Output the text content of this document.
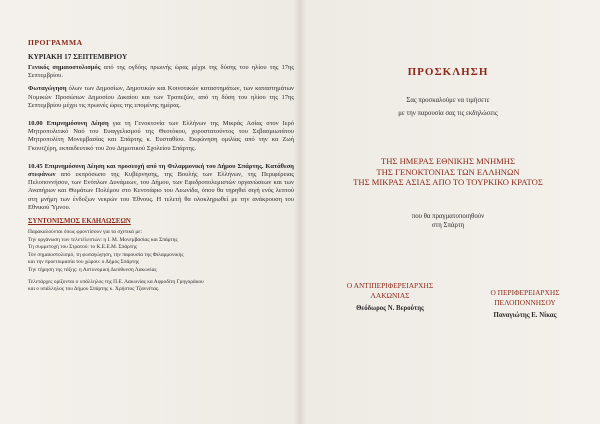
ΠΡΟΓΡΑΜΜΑ
ΚΥΡΙΑΚΗ 17 ΣΕΠΤΕΜΒΡΙΟΥ

Γενικός σημαιοστολισμός από της ογδόης πρωινής ώρας μέχρι της δύσης του ηλίου της 17ης Σεπτεμβρίου.

Φωταγώγηση όλων των Δημοσίων, Δημοτικών και Κοινοτικών καταστημάτων, των καταστημάτων Νομικών Προσώπων Δημοσίου Δικαίου και των Τραπεζών, από τη δύση του ηλίου της 17ης Σεπτεμβρίου μέχρι τις πρωινές ώρες της επομένης ημέρας.

10.00 Επιμνημόσυνη Δέηση για τη Γενοκτονία των Ελλήνων της Μικράς Ασίας στον Ιερό Μητροπολιτικό Ναό του Ευαγγελισμού της Θεοτόκου, χοροστατούντος του Σεβασμιωτάτου Μητροπολίτη Μονεμβασίας και Σπάρτης κ. Ευσταθίου. Εκφώνηση ομιλίας από την κα Ζωή Γκουτζέρη, εκπαιδευτικό του 2ου Δημοτικού Σχολείου Σπάρτης.

10.45 Επιμνημόσυνη Δέηση και προσευχή από τη Φιλαρμονική του Δήμου Σπάρτης. Κατάθεση στεφάνων από εκπρόσωπο της Κυβέρνησης, της Βουλής των Ελλήνων, της Περιφέρειας Πελοποννήσου, των Ενόπλων Δυνάμεων, του Δήμου, των Εφεδροπολεμιστών οργανώσεων και των Αναπήρων και Θυμάτων Πολέμου στο Κενοτάφιο του Λεωνίδα, όπου θα τηρηθεί σιγή ενός λεπτού στη μνήμη των ένδοξων νεκρών του Έθνους. Η τελετή θα ολοκληρωθεί με την ανάκρουση του Εθνικού Ύμνου.

ΣΥΝΤΟΝΙΣΜΟΣ ΕΚΔΗΛΩΣΕΩΝ

Παρακαλούνται όπως φροντίσουν για τα σχετικά με:

Την οργάνωση των τελετέλεστών: η Ι. Μ. Μονεμβασίας και Σπάρτης

Τη συμμετοχή του Στρατού: το Κ.Ε.Ε.Μ. Σπάρτης

Τον σημαιοστολισμό, τη φωταγώγηση, την παρουσία της Φιλαρμονικής

και την προετοιμασία του χώρου: ο Δήμος Σπάρτης

Την τήρηση της τάξης: η Αστυνομική Διεύθυνση Λακωνίας

Τελετάρχες ορίζονται ο υπάλληλος της Π.Ε. Λακωνίας κα Αφροδίτη Γρηγοράκου

και ο υπάλληλος του Δήμου Σπάρτης κ. Χρήστος Τζαννέτας.

ΠΡΟΣΚΛΗΣΗ
Σας προσκαλούμε να τιμήσετε
με την παρουσία σας τις εκδηλώσεις
ΤΗΣ ΗΜΕΡΑΣ ΕΘΝΙΚΗΣ ΜΝΗΜΗΣ
ΤΗΣ ΓΕΝΟΚΤΟΝΙΑΣ ΤΩΝ ΕΛΛΗΝΩΝ
ΤΗΣ ΜΙΚΡΑΣ ΑΣΙΑΣ ΑΠΟ ΤΟ ΤΟΥΡΚΙΚΟ ΚΡΑΤΟΣ
που θα πραγματοποιηθούν
στη Σπάρτη
Ο ΑΝΤΙΠΕΡΙΦΕΡΕΙΑΡΧΗΣ
ΛΑΚΩΝΙΑΣ
Θεόδωρος Ν. Βερούτης
Ο ΠΕΡΙΦΕΡΕΙΑΡΧΗΣ
ΠΕΛΟΠΟΝΝΗΣΟΥ
Παναγιώτης Ε. Νίκας
